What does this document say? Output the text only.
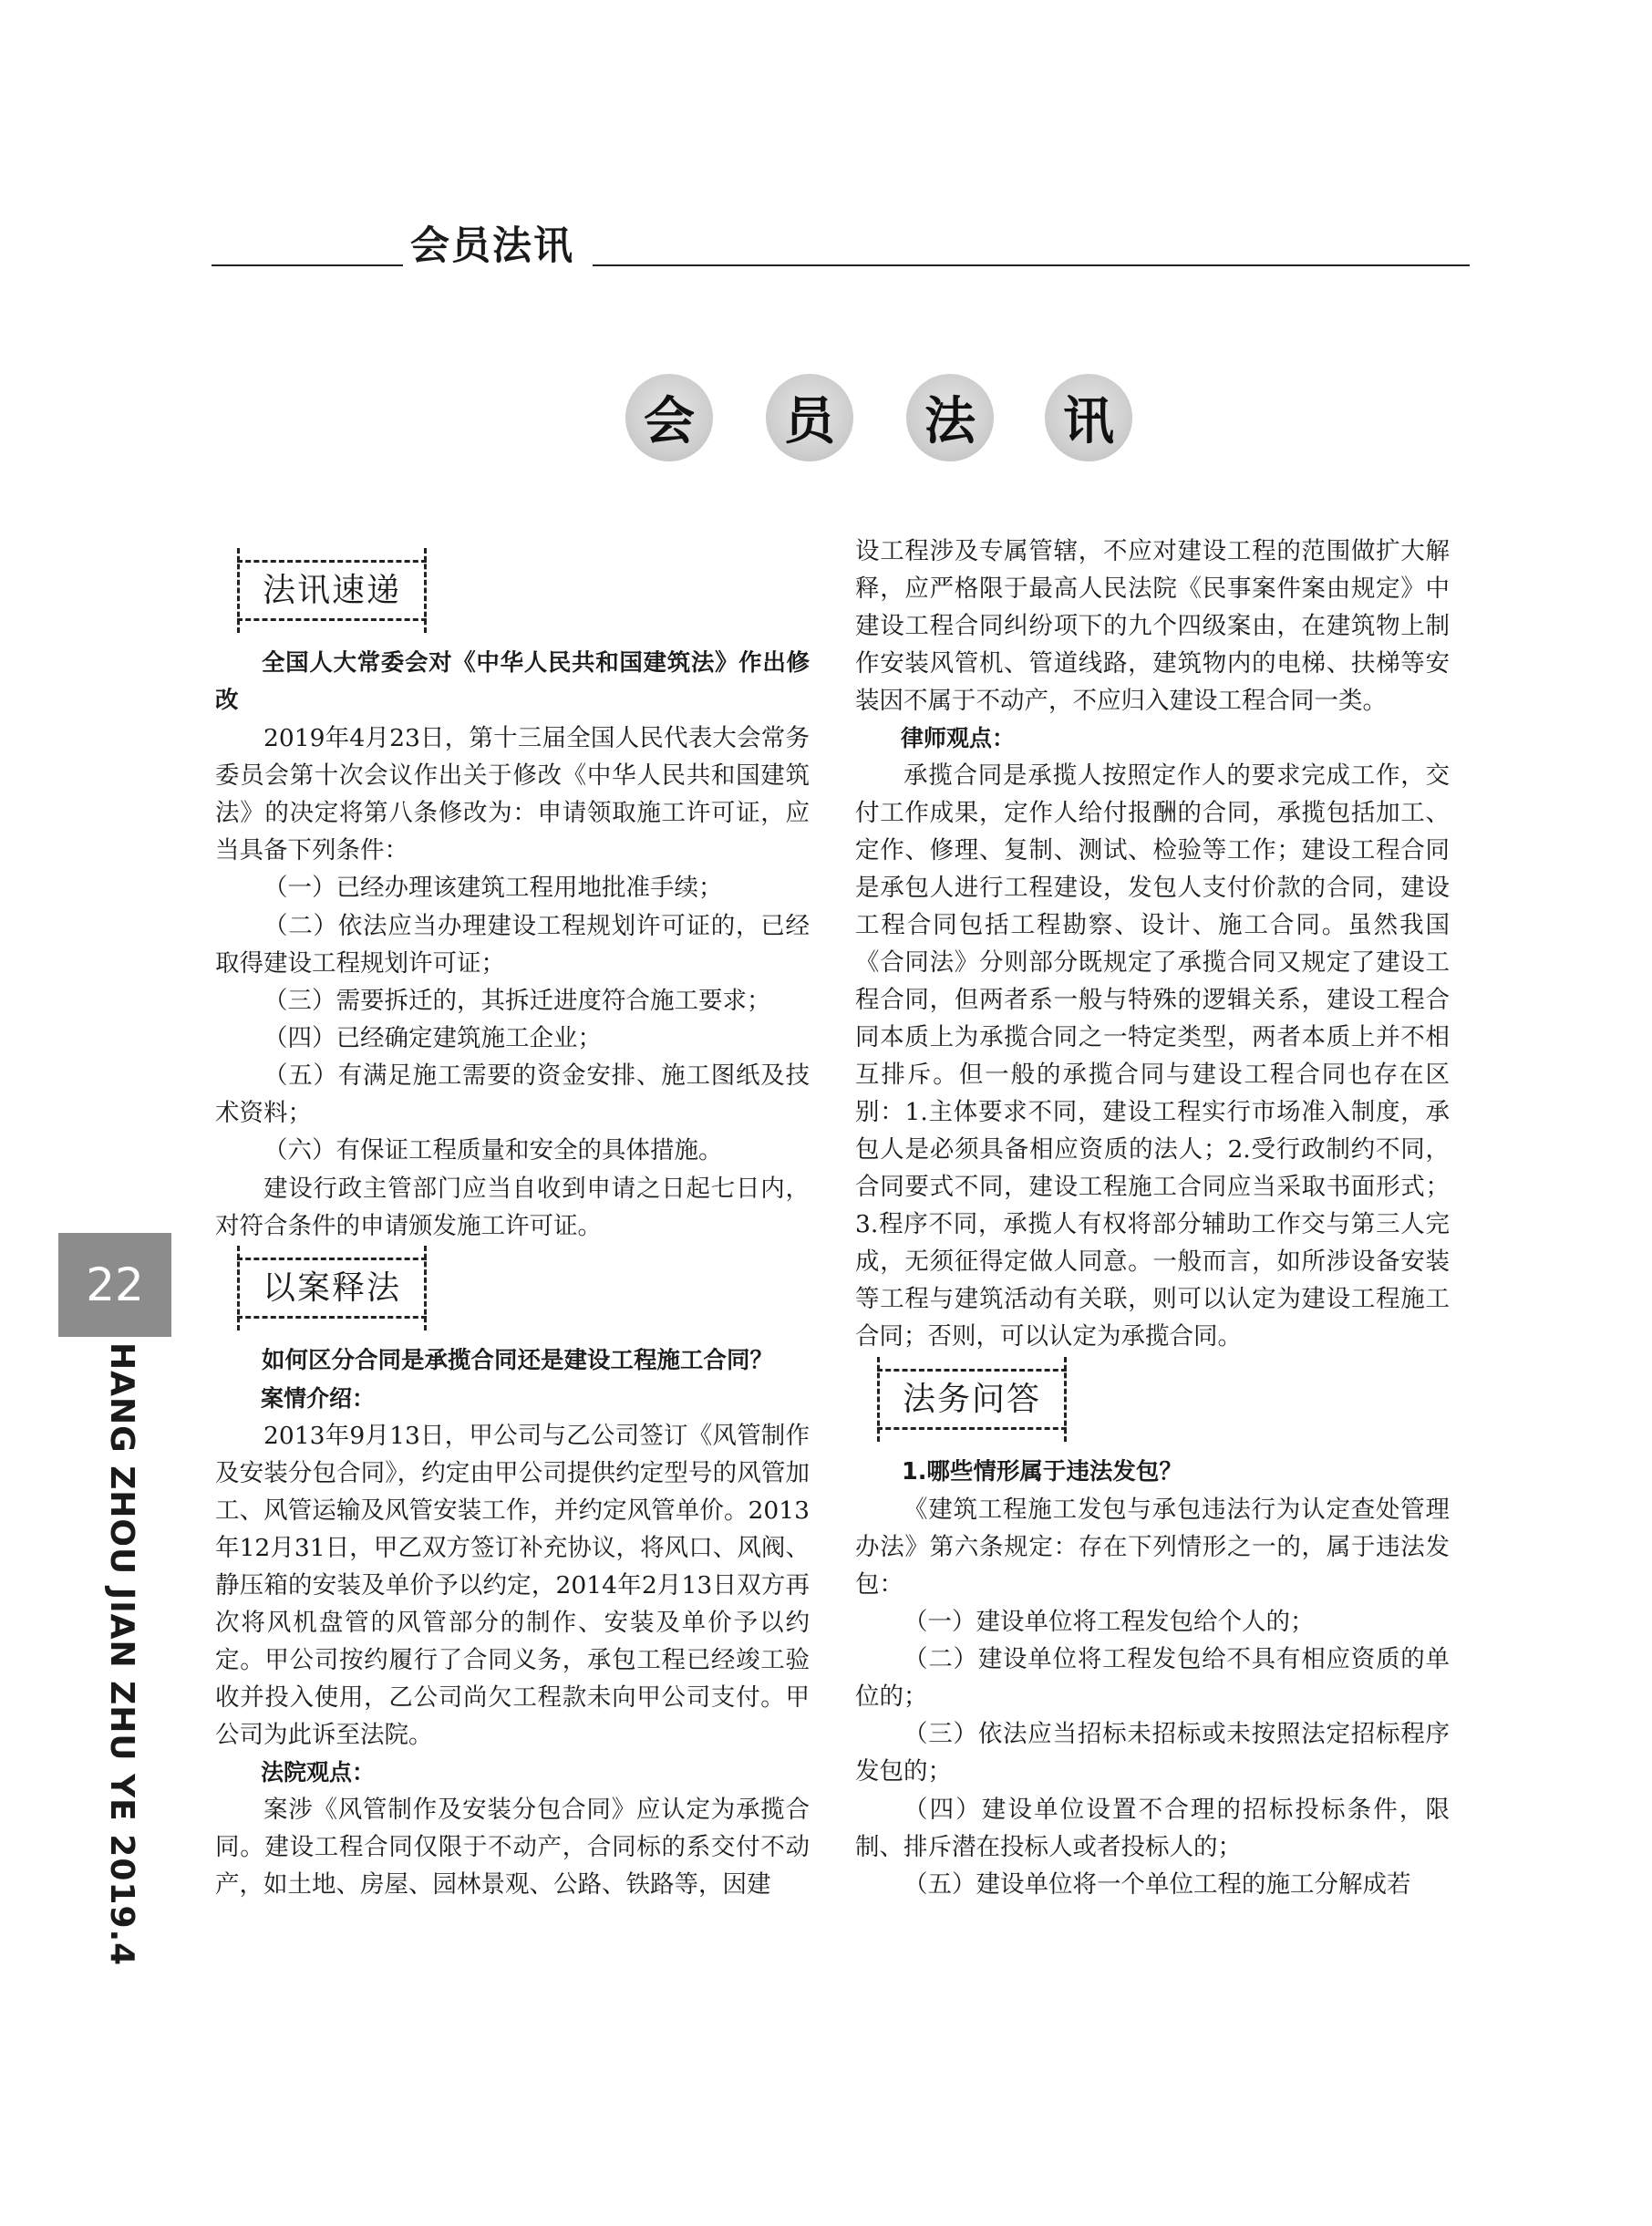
会员法讯
会	员	法	讯
22
HANG ZHOU JIAN ZHU YE 2019.4
法讯速递

全国人大常委会对《中华人民共和国建筑法》作出修改

2019年4月23日，第十三届全国人民代表大会常务委员会第十次会议作出关于修改《中华人民共和国建筑法》的决定将第八条修改为：申请领取施工许可证，应当具备下列条件：

（一）已经办理该建筑工程用地批准手续；

（二）依法应当办理建设工程规划许可证的，已经取得建设工程规划许可证；

（三）需要拆迁的，其拆迁进度符合施工要求；

（四）已经确定建筑施工企业；

（五）有满足施工需要的资金安排、施工图纸及技术资料；

（六）有保证工程质量和安全的具体措施。

建设行政主管部门应当自收到申请之日起七日内，对符合条件的申请颁发施工许可证。

以案释法

如何区分合同是承揽合同还是建设工程施工合同？

案情介绍：

2013年9月13日，甲公司与乙公司签订《风管制作及安装分包合同》，约定由甲公司提供约定型号的风管加工、风管运输及风管安装工作，并约定风管单价。2013年12月31日，甲乙双方签订补充协议，将风口、风阀、静压箱的安装及单价予以约定，2014年2月13日双方再次将风机盘管的风管部分的制作、安装及单价予以约定。甲公司按约履行了合同义务，承包工程已经竣工验收并投入使用，乙公司尚欠工程款未向甲公司支付。甲公司为此诉至法院。

法院观点：

案涉《风管制作及安装分包合同》应认定为承揽合同。建设工程合同仅限于不动产，合同标的系交付不动产，如土地、房屋、园林景观、公路、铁路等，因建

设工程涉及专属管辖，不应对建设工程的范围做扩大解释，应严格限于最高人民法院《民事案件案由规定》中建设工程合同纠纷项下的九个四级案由，在建筑物上制作安装风管机、管道线路，建筑物内的电梯、扶梯等安装因不属于不动产，不应归入建设工程合同一类。

律师观点：

承揽合同是承揽人按照定作人的要求完成工作，交付工作成果，定作人给付报酬的合同，承揽包括加工、定作、修理、复制、测试、检验等工作；建设工程合同是承包人进行工程建设，发包人支付价款的合同，建设工程合同包括工程勘察、设计、施工合同。虽然我国《合同法》分则部分既规定了承揽合同又规定了建设工程合同，但两者系一般与特殊的逻辑关系，建设工程合同本质上为承揽合同之一特定类型，两者本质上并不相互排斥。但一般的承揽合同与建设工程合同也存在区别：1.主体要求不同，建设工程实行市场准入制度，承包人是必须具备相应资质的法人；2.受行政制约不同，合同要式不同，建设工程施工合同应当采取书面形式；3.程序不同，承揽人有权将部分辅助工作交与第三人完成，无须征得定做人同意。一般而言，如所涉设备安装等工程与建筑活动有关联，则可以认定为建设工程施工合同；否则，可以认定为承揽合同。

法务问答

1.哪些情形属于违法发包？

《建筑工程施工发包与承包违法行为认定查处管理办法》第六条规定：存在下列情形之一的，属于违法发包：

（一）建设单位将工程发包给个人的；

（二）建设单位将工程发包给不具有相应资质的单位的；

（三）依法应当招标未招标或未按照法定招标程序发包的；

（四）建设单位设置不合理的招标投标条件，限制、排斥潜在投标人或者投标人的；

（五）建设单位将一个单位工程的施工分解成若
